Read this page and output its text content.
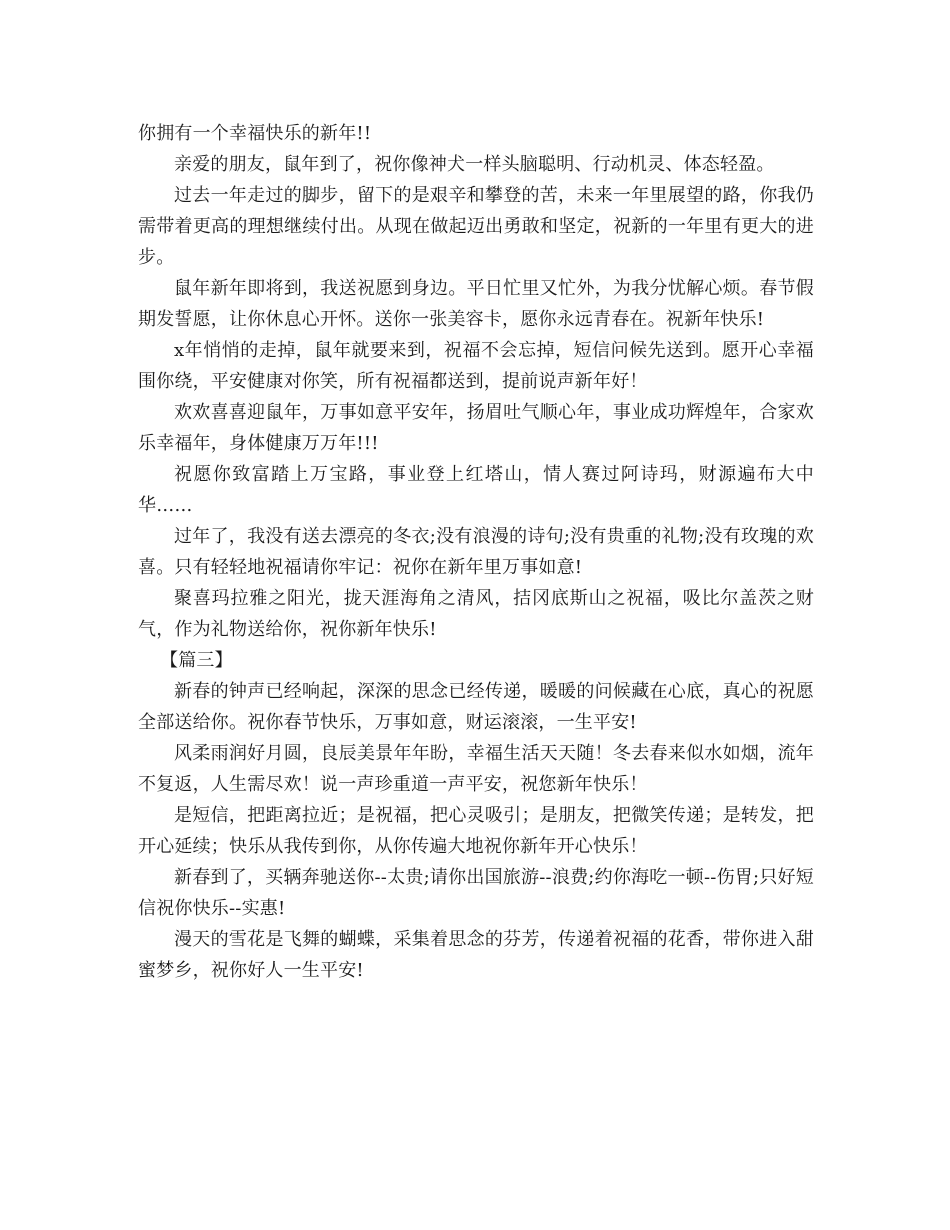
你拥有一个幸福快乐的新年!!

亲爱的朋友，鼠年到了，祝你像神犬一样头脑聪明、行动机灵、体态轻盈。

过去一年走过的脚步，留下的是艰辛和攀登的苦，未来一年里展望的路，你我仍需带着更高的理想继续付出。从现在做起迈出勇敢和坚定，祝新的一年里有更大的进步。

鼠年新年即将到，我送祝愿到身边。平日忙里又忙外，为我分忧解心烦。春节假期发誓愿，让你休息心开怀。送你一张美容卡，愿你永远青春在。祝新年快乐!

x年悄悄的走掉，鼠年就要来到，祝福不会忘掉，短信问候先送到。愿开心幸福围你绕，平安健康对你笑，所有祝福都送到，提前说声新年好！

欢欢喜喜迎鼠年，万事如意平安年，扬眉吐气顺心年，事业成功辉煌年，合家欢乐幸福年，身体健康万万年!!!

祝愿你致富踏上万宝路，事业登上红塔山，情人赛过阿诗玛，财源遍布大中华……

过年了，我没有送去漂亮的冬衣;没有浪漫的诗句;没有贵重的礼物;没有玫瑰的欢喜。只有轻轻地祝福请你牢记：祝你在新年里万事如意!

聚喜玛拉雅之阳光，拢天涯海角之清风，拮冈底斯山之祝福，吸比尔盖茨之财气，作为礼物送给你，祝你新年快乐!

【篇三】

新春的钟声已经响起，深深的思念已经传递，暖暖的问候藏在心底，真心的祝愿全部送给你。祝你春节快乐，万事如意，财运滚滚，一生平安!

风柔雨润好月圆，良辰美景年年盼，幸福生活天天随！冬去春来似水如烟，流年不复返，人生需尽欢！说一声珍重道一声平安，祝您新年快乐！

是短信，把距离拉近；是祝福，把心灵吸引；是朋友，把微笑传递；是转发，把开心延续；快乐从我传到你，从你传遍大地祝你新年开心快乐！

新春到了，买辆奔驰送你--太贵;请你出国旅游--浪费;约你海吃一顿--伤胃;只好短信祝你快乐--实惠!

漫天的雪花是飞舞的蝴蝶，采集着思念的芬芳，传递着祝福的花香，带你进入甜蜜梦乡，祝你好人一生平安!
